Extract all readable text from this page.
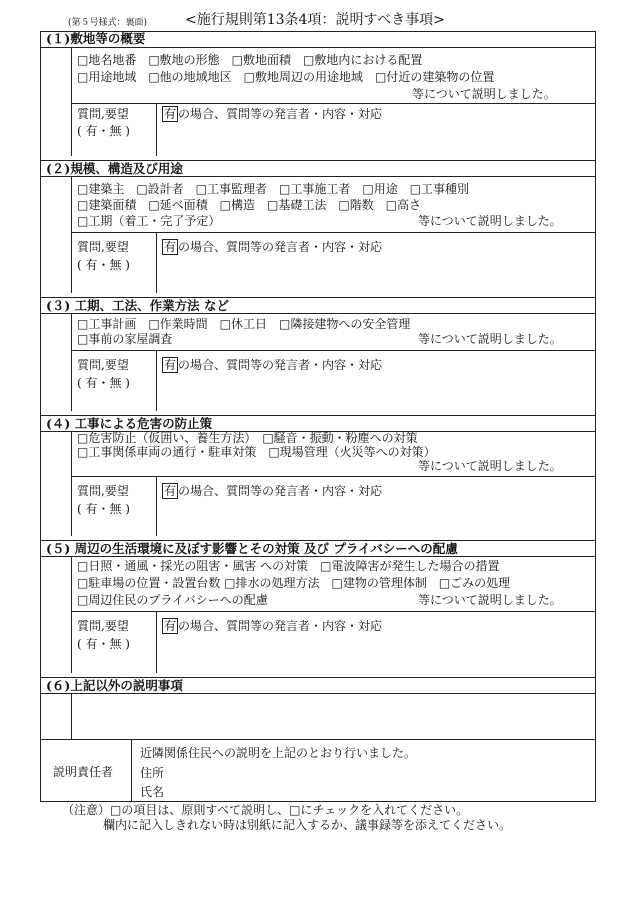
(第５号様式：裏面)	<施行規則第13条4項：説明すべき事項>
(１)敷地等の概要
□地名地番　□敷地の形態　□敷地面積　□敷地内における配置
□用途地域　□他の地域地区　□敷地周辺の用途地域　□付近の建築物の位置
等について説明しました。
質問,要望
( 有・無 )
有 の場合、質問等の発言者・内容・対応
(２)規模、構造及び用途
□建築主　□設計者　□工事監理者　□工事施工者　□用途　□工事種別
□建築面積　□延べ面積　□構造　□基礎工法　□階数　□高さ
□工期（着工・完了予定）	等について説明しました。
質問,要望
( 有・無 )
有 の場合、質問等の発言者・内容・対応
(３) 工期、工法、作業方法 など
□工事計画　□作業時間　□休工日　□隣接建物への安全管理
□事前の家屋調査	等について説明しました。
質問,要望
( 有・無 )
有 の場合、質問等の発言者・内容・対応
(４) 工事による危害の防止策
□危害防止（仮囲い、養生方法）　□騒音・振動・粉塵への対策
□工事関係車両の通行・駐車対策　□現場管理（火災等への対策）
等について説明しました。
質問,要望
( 有・無 )
有 の場合、質問等の発言者・内容・対応
(５) 周辺の生活環境に及ぼす影響とその対策 及び プライバシーへの配慮
□日照・通風・採光の阻害・風害 への対策　□電波障害が発生した場合の措置
□駐車場の位置・設置台数 □排水の処理方法　□建物の管理体制　□ごみの処理
□周辺住民のプライバシーへの配慮	等について説明しました。
質問,要望
( 有・無 )
有 の場合、質問等の発言者・内容・対応
(６)上記以外の説明事項
説明責任者
近隣関係住民への説明を上記のとおり行いました。
住所
氏名
（注意）□の項目は、原則すべて説明し、□にチェックを入れてください。
欄内に記入しきれない時は別紙に記入するか、議事録等を添えてください。
